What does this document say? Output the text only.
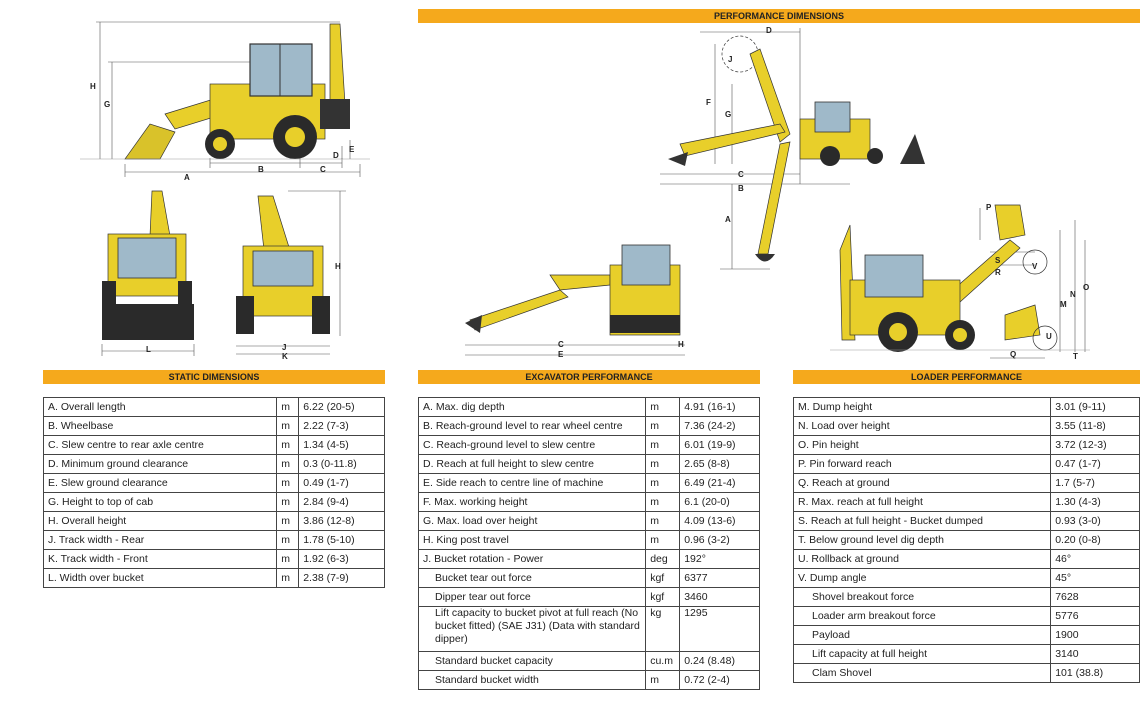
PERFORMANCE DIMENSIONS
STATIC DIMENSIONS	EXCAVATOR PERFORMANCE	LOADER PERFORMANCE
H
G
A
B	C
D
E
L
H
J
K
D
J
F
G
C
B
A
C
E
H
P
S
R
V
M
N
O
Q
U
T
A. Overall length	m	6.22 (20-5)
B. Wheelbase	m	2.22 (7-3)
C. Slew centre to rear axle centre	m	1.34 (4-5)
D. Minimum ground clearance	m	0.3 (0-11.8)
E. Slew ground clearance	m	0.49 (1-7)
G. Height to top of cab	m	2.84 (9-4)
H. Overall height	m	3.86 (12-8)
J. Track width - Rear	m	1.78 (5-10)
K. Track width - Front	m	1.92 (6-3)
L. Width over bucket	m	2.38 (7-9)
A. Max. dig depth	m	4.91 (16-1)
B. Reach-ground level to rear wheel centre	m	7.36 (24-2)
C. Reach-ground level to slew centre	m	6.01 (19-9)
D. Reach at full height to slew centre	m	2.65 (8-8)
E. Side reach to centre line of machine	m	6.49 (21-4)
F. Max. working height	m	6.1 (20-0)
G. Max. load over height	m	4.09 (13-6)
H. King post travel	m	0.96 (3-2)
J. Bucket rotation - Power	deg	192°
Bucket tear out force	kgf	6377
Dipper tear out force	kgf	3460
Lift capacity to bucket pivot at full reach (No bucket fitted) (SAE J31) (Data with standard dipper)	kg	1295
Standard bucket capacity	cu.m	0.24 (8.48)
Standard bucket width	m	0.72 (2-4)
M. Dump height	3.01 (9-11)
N. Load over height	3.55 (11-8)
O. Pin height	3.72 (12-3)
P. Pin forward reach	0.47 (1-7)
Q. Reach at ground	1.7 (5-7)
R. Max. reach at full height	1.30 (4-3)
S. Reach at full height - Bucket dumped	0.93 (3-0)
T. Below ground level dig depth	0.20 (0-8)
U. Rollback at ground	46°
V. Dump angle	45°
Shovel breakout force	7628
Loader arm breakout force	5776
Payload	1900
Lift capacity at full height	3140
Clam Shovel	101 (38.8)
